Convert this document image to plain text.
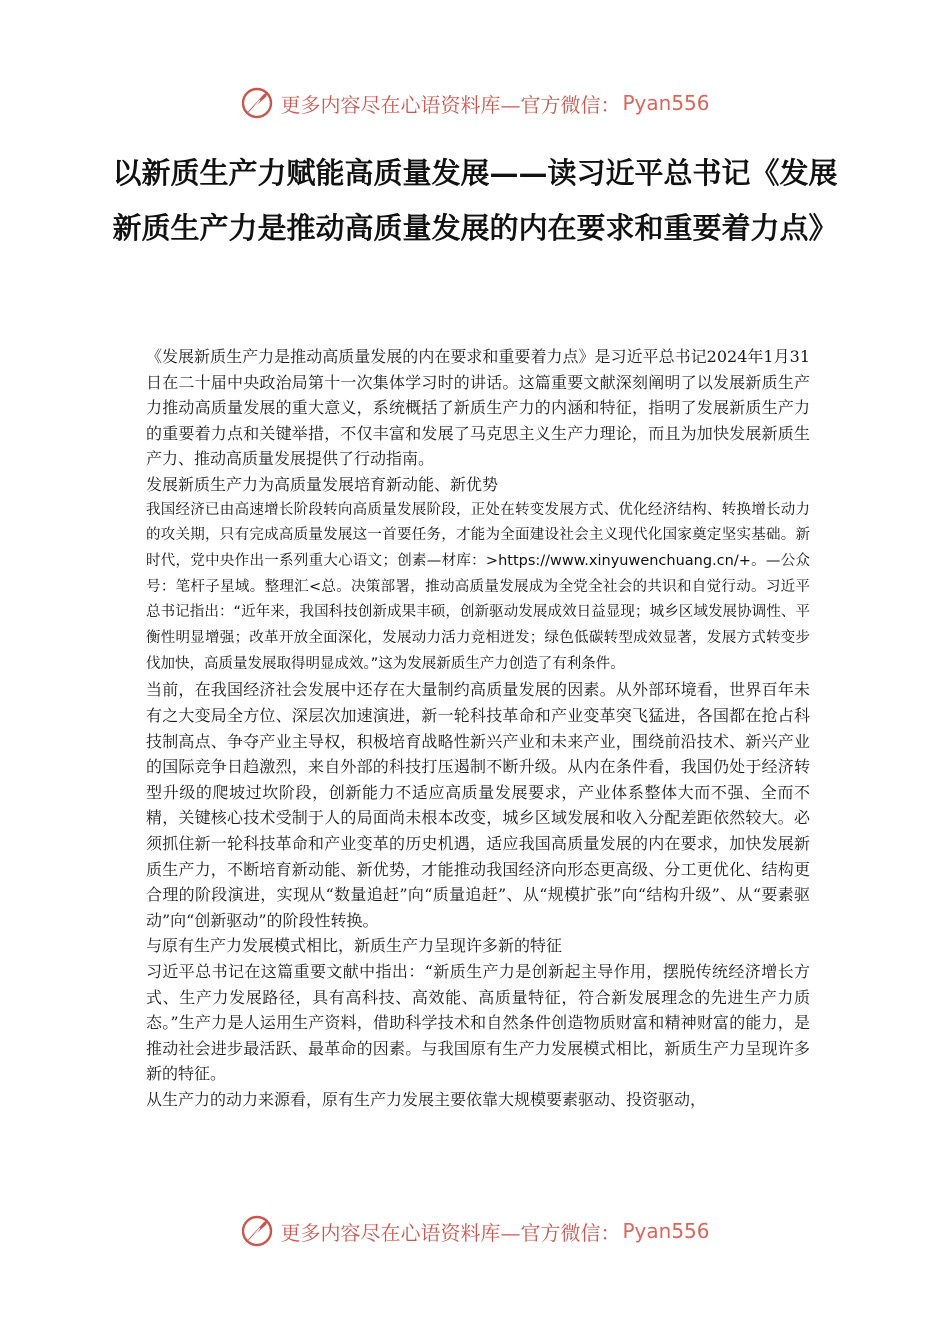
更多内容尽在心语资料库—官方微信： Pyan556
以新质生产力赋能高质量发展——读习近平总书记《发展新质生产力是推动高质量发展的内在要求和重要着力点》

《发展新质生产力是推动高质量发展的内在要求和重要着力点》是习近平总书记2024年1月31日在二十届中央政治局第十一次集体学习时的讲话。这篇重要文献深刻阐明了以发展新质生产力推动高质量发展的重大意义，系统概括了新质生产力的内涵和特征，指明了发展新质生产力的重要着力点和关键举措，不仅丰富和发展了马克思主义生产力理论，而且为加快发展新质生产力、推动高质量发展提供了行动指南。

发展新质生产力为高质量发展培育新动能、新优势

我国经济已由高速增长阶段转向高质量发展阶段，正处在转变发展方式、优化经济结构、转换增长动力的攻关期，只有完成高质量发展这一首要任务，才能为全面建设社会主义现代化国家奠定坚实基础。新时代，党中央作出一系列重大心语文；创素—材库：>https://www.xinyuwenchuang.cn/+。—公众号：笔杆子星域。整理汇<总。决策部署，推动高质量发展成为全党全社会的共识和自觉行动。习近平总书记指出：“近年来，我国科技创新成果丰硕，创新驱动发展成效日益显现；城乡区域发展协调性、平衡性明显增强；改革开放全面深化，发展动力活力竞相迸发；绿色低碳转型成效显著，发展方式转变步伐加快，高质量发展取得明显成效。”这为发展新质生产力创造了有利条件。

当前，在我国经济社会发展中还存在大量制约高质量发展的因素。从外部环境看，世界百年未有之大变局全方位、深层次加速演进，新一轮科技革命和产业变革突飞猛进，各国都在抢占科技制高点、争夺产业主导权，积极培育战略性新兴产业和未来产业，围绕前沿技术、新兴产业的国际竞争日趋激烈，来自外部的科技打压遏制不断升级。从内在条件看，我国仍处于经济转型升级的爬坡过坎阶段，创新能力不适应高质量发展要求，产业体系整体大而不强、全而不精，关键核心技术受制于人的局面尚未根本改变，城乡区域发展和收入分配差距依然较大。必须抓住新一轮科技革命和产业变革的历史机遇，适应我国高质量发展的内在要求，加快发展新质生产力，不断培育新动能、新优势，才能推动我国经济向形态更高级、分工更优化、结构更合理的阶段演进，实现从“数量追赶”向“质量追赶”、从“规模扩张”向“结构升级”、从“要素驱动”向“创新驱动”的阶段性转换。

与原有生产力发展模式相比，新质生产力呈现许多新的特征

习近平总书记在这篇重要文献中指出：“新质生产力是创新起主导作用，摆脱传统经济增长方式、生产力发展路径，具有高科技、高效能、高质量特征，符合新发展理念的先进生产力质态。”生产力是人运用生产资料，借助科学技术和自然条件创造物质财富和精神财富的能力，是推动社会进步最活跃、最革命的因素。与我国原有生产力发展模式相比，新质生产力呈现许多新的特征。

从生产力的动力来源看，原有生产力发展主要依靠大规模要素驱动、投资驱动，

更多内容尽在心语资料库—官方微信： Pyan556
